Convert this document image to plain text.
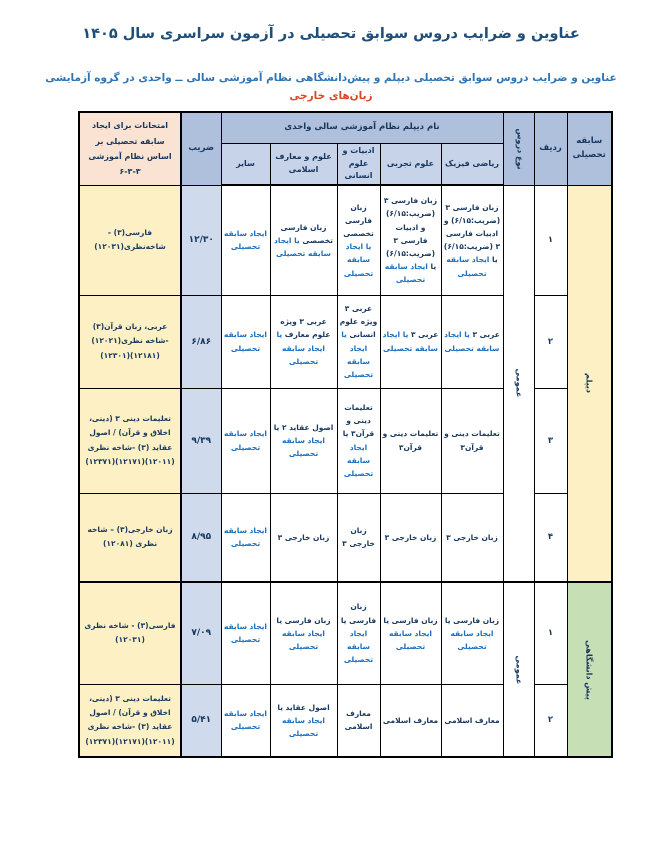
عناوین و ضرایب دروس سوابق تحصیلی در آزمون سراسری سال ۱۴۰۵
عناوین و ضرایب دروس سوابق تحصیلی دیپلم و پیش‌دانشگاهی نظام آموزشی سالی ــ واحدی در گروه آزمایشی
زبان‌های خارجی
سابقه تحصیلی	ردیف	نوع دروس	نام دیپلم نظام آموزشی سالی واحدی					ضریب	امتحانات برای ایجاد سابقه تحصیلی بر اساس نظام آموزشی ۳-۳-۶
			ریاضی فیزیک	علوم تجربی	ادبیات و علوم انسانی	علوم و معارف اسلامی	سایر		

دیپلم	۱	عمومی	زبان فارسی ۳ (ضریب:۶/۱۵) و ادبیات فارسی ۳ (ضریب:۶/۱۵) یا ایجاد سابقه تحصیلی	زبان فارسی ۳ (ضریب:۶/۱۵) و ادبیات فارسی ۳ (ضریب:۶/۱۵) یا ایجاد سابقه تحصیلی	زبان فارسی تخصصی یا ایجاد سابقه تحصیلی	زبان فارسی تخصصی یا ایجاد سابقه تحصیلی	ایجاد سابقه تحصیلی	۱۲/۳۰	فارسی(۳) - شاخه‌نظری(۱۲۰۳۱)
	۲		عربی ۳ یا ایجاد سابقه تحصیلی	عربی ۳ یا ایجاد سابقه تحصیلی	عربی ۳ ویژه علوم انسانی یا ایجاد سابقه تحصیلی	عربی ۳ ویژه علوم معارف یا ایجاد سابقه تحصیلی	ایجاد سابقه تحصیلی	۶/۸۶	عربی، زبان قرآن(۳) -شاخه نظری(۱۲۰۲۱)(۱۲۱۸۱)(۱۲۳۰۱)
	۳		تعلیمات دینی و قرآن۳	تعلیمات دینی و قرآن۳	تعلیمات دینی و قرآن۳ یا ایجاد سابقه تحصیلی	اصول عقاید ۲ یا ایجاد سابقه تحصیلی	ایجاد سابقه تحصیلی	۹/۳۹	تعلیمات دینی ۳ (دینی، اخلاق و قرآن) / اصول عقاید (۳) -شاخه نظری (۱۲۰۱۱)(۱۲۱۷۱)(۱۲۳۷۱)
	۴		زبان خارجی ۳	زبان خارجی ۳	زبان خارجی ۳	زبان خارجی ۳	ایجاد سابقه تحصیلی	۸/۹۵	زبان خارجی(۳) – شاخه نظری (۱۲۰۸۱)

پیش دانشگاهی	۱	عمومی	زبان فارسی یا ایجاد سابقه تحصیلی	زبان فارسی یا ایجاد سابقه تحصیلی	زبان فارسی یا ایجاد سابقه تحصیلی	زبان فارسی یا ایجاد سابقه تحصیلی	ایجاد سابقه تحصیلی	۷/۰۹	فارسی(۳) - شاخه نظری (۱۲۰۳۱)
	۲		معارف اسلامی	معارف اسلامی	معارف اسلامی	اصول عقاید یا ایجاد سابقه تحصیلی	ایجاد سابقه تحصیلی	۵/۴۱	تعلیمات دینی ۳ (دینی، اخلاق و قرآن) / اصول عقاید (۳) -شاخه نظری (۱۲۰۱۱)(۱۲۱۷۱)(۱۲۳۷۱)
